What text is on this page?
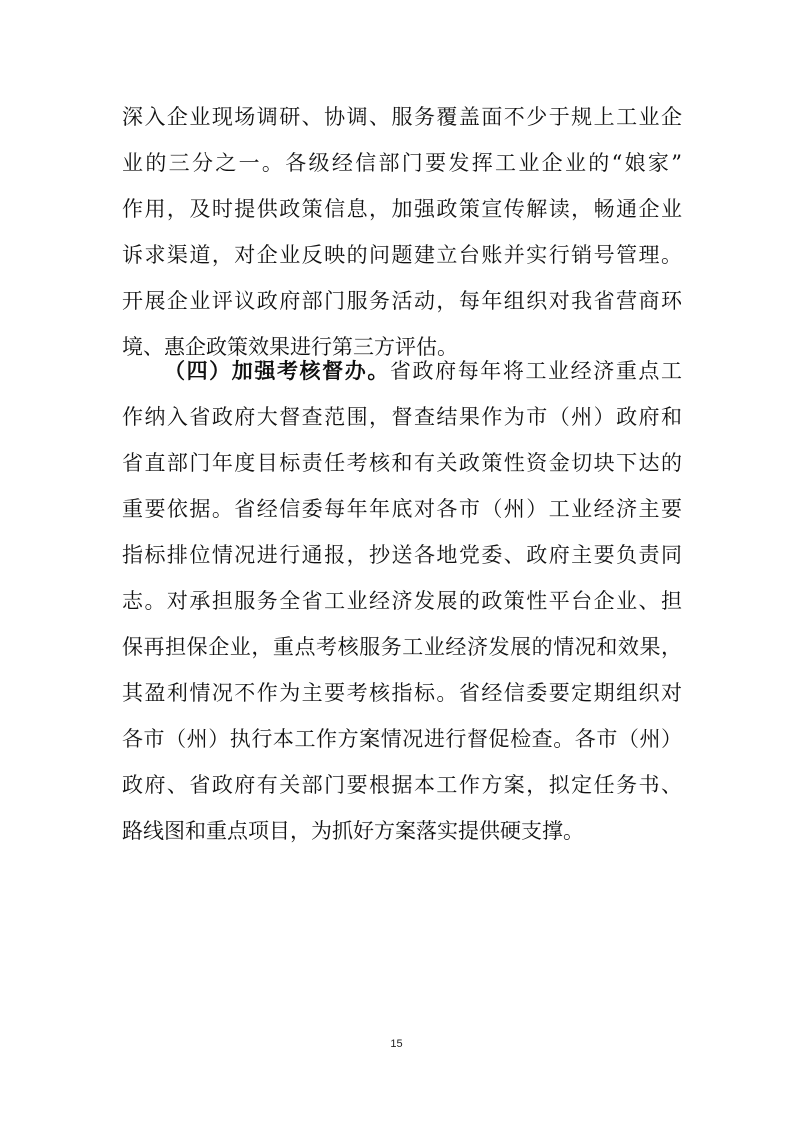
深入企业现场调研、协调、服务覆盖面不少于规上工业企
业的三分之一。各级经信部门要发挥工业企业的“娘家”
作用，及时提供政策信息，加强政策宣传解读，畅通企业
诉求渠道，对企业反映的问题建立台账并实行销号管理。
开展企业评议政府部门服务活动，每年组织对我省营商环
境、惠企政策效果进行第三方评估。
（四）加强考核督办。省政府每年将工业经济重点工
作纳入省政府大督查范围，督查结果作为市（州）政府和
省直部门年度目标责任考核和有关政策性资金切块下达的
重要依据。省经信委每年年底对各市（州）工业经济主要
指标排位情况进行通报，抄送各地党委、政府主要负责同
志。对承担服务全省工业经济发展的政策性平台企业、担
保再担保企业，重点考核服务工业经济发展的情况和效果，
其盈利情况不作为主要考核指标。省经信委要定期组织对
各市（州）执行本工作方案情况进行督促检查。各市（州）
政府、省政府有关部门要根据本工作方案，拟定任务书、
路线图和重点项目，为抓好方案落实提供硬支撑。
15
